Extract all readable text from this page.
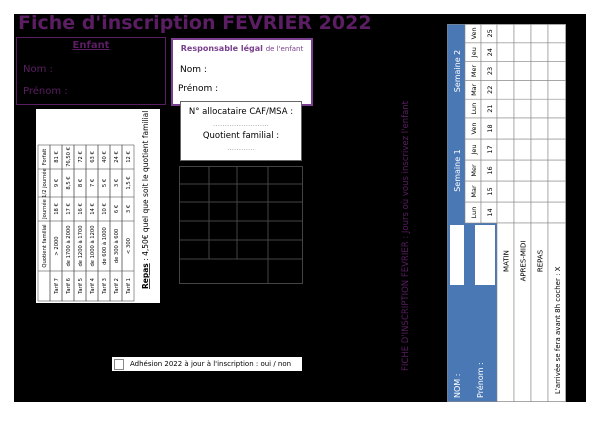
Fiche d'inscription FEVRIER 2022
Enfant
Nom :
Prénom :
Responsable légal de l'enfant
Nom :
Prénom :
N° allocataire CAF/MSA :
……………………
Quotient familial :
…………
Quotient familial
Journée
1/2 journée
Forfait
Tarif 7
> 2000
18 €
9 €
81 €
Tarif 6
de 1700 à 2000
17 €
8,5 €
76,50 €
Tarif 5
de 1200 à 1700
16 €
8 €
72 €
Tarif 4
de 1000 à 1200
14 €
7 €
63 €
Tarif 3
de 600 à 1000
10 €
5 €
40 €
Tarif 2
de 300 à 600
6 €
3 €
24 €
Tarif 1
< 300
3 €
1,5 €
12 €
Repas : 4,50€ quel que soit le quotient familial
Adhésion 2022 à jour à l'inscription : oui / non	FICHE D'INSCRIPTION FEVRIER : Jours où vous inscrivez l'enfant
Semaine 2
Semaine 1
Lun 21
Mar 22
Mer 23
Jeu 24
Ven 25
Lun 14
Mar 15
Mer 16
Jeu 17
Ven 18
MATIN APRES-MIDI REPAS
L'arrivée se fera avant 8h cocher : X
NOM : Prénom :
